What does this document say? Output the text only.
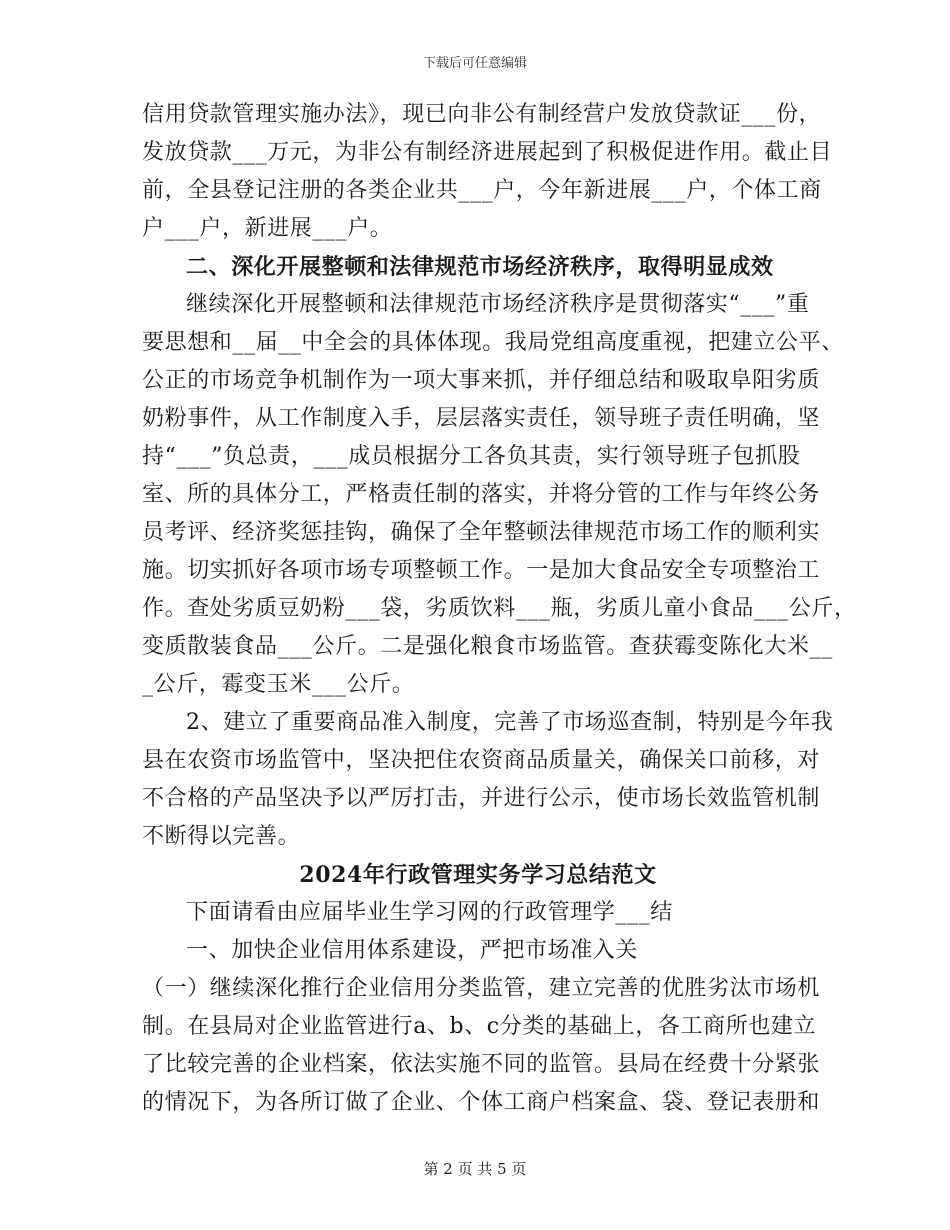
下载后可任意编辑
信用贷款管理实施办法》，现已向非公有制经营户发放贷款证___份，
发放贷款___万元，为非公有制经济进展起到了积极促进作用。截止目
前，全县登记注册的各类企业共___户，今年新进展___户，个体工商
户___户，新进展___户。
二、深化开展整顿和法律规范市场经济秩序，取得明显成效
继续深化开展整顿和法律规范市场经济秩序是贯彻落实“___”重
要思想和__届__中全会的具体体现。我局党组高度重视，把建立公平、
公正的市场竞争机制作为一项大事来抓，并仔细总结和吸取阜阳劣质
奶粉事件，从工作制度入手，层层落实责任，领导班子责任明确，坚
持“___”负总责，___成员根据分工各负其责，实行领导班子包抓股
室、所的具体分工，严格责任制的落实，并将分管的工作与年终公务
员考评、经济奖惩挂钩，确保了全年整顿法律规范市场工作的顺利实
施。切实抓好各项市场专项整顿工作。一是加大食品安全专项整治工
作。查处劣质豆奶粉___袋，劣质饮料___瓶，劣质儿童小食品___公斤，
变质散装食品___公斤。二是强化粮食市场监管。查获霉变陈化大米__
_公斤，霉变玉米___公斤。
2、建立了重要商品准入制度，完善了市场巡查制，特别是今年我
县在农资市场监管中，坚决把住农资商品质量关，确保关口前移，对
不合格的产品坚决予以严厉打击，并进行公示，使市场长效监管机制
不断得以完善。
2024年行政管理实务学习总结范文
下面请看由应届毕业生学习网的行政管理学___结
一、加快企业信用体系建设，严把市场准入关
（一）继续深化推行企业信用分类监管，建立完善的优胜劣汰市场机
制。在县局对企业监管进行a、b、c分类的基础上，各工商所也建立
了比较完善的企业档案，依法实施不同的监管。县局在经费十分紧张
的情况下，为各所订做了企业、个体工商户档案盒、袋、登记表册和
第 2 页 共 5 页
